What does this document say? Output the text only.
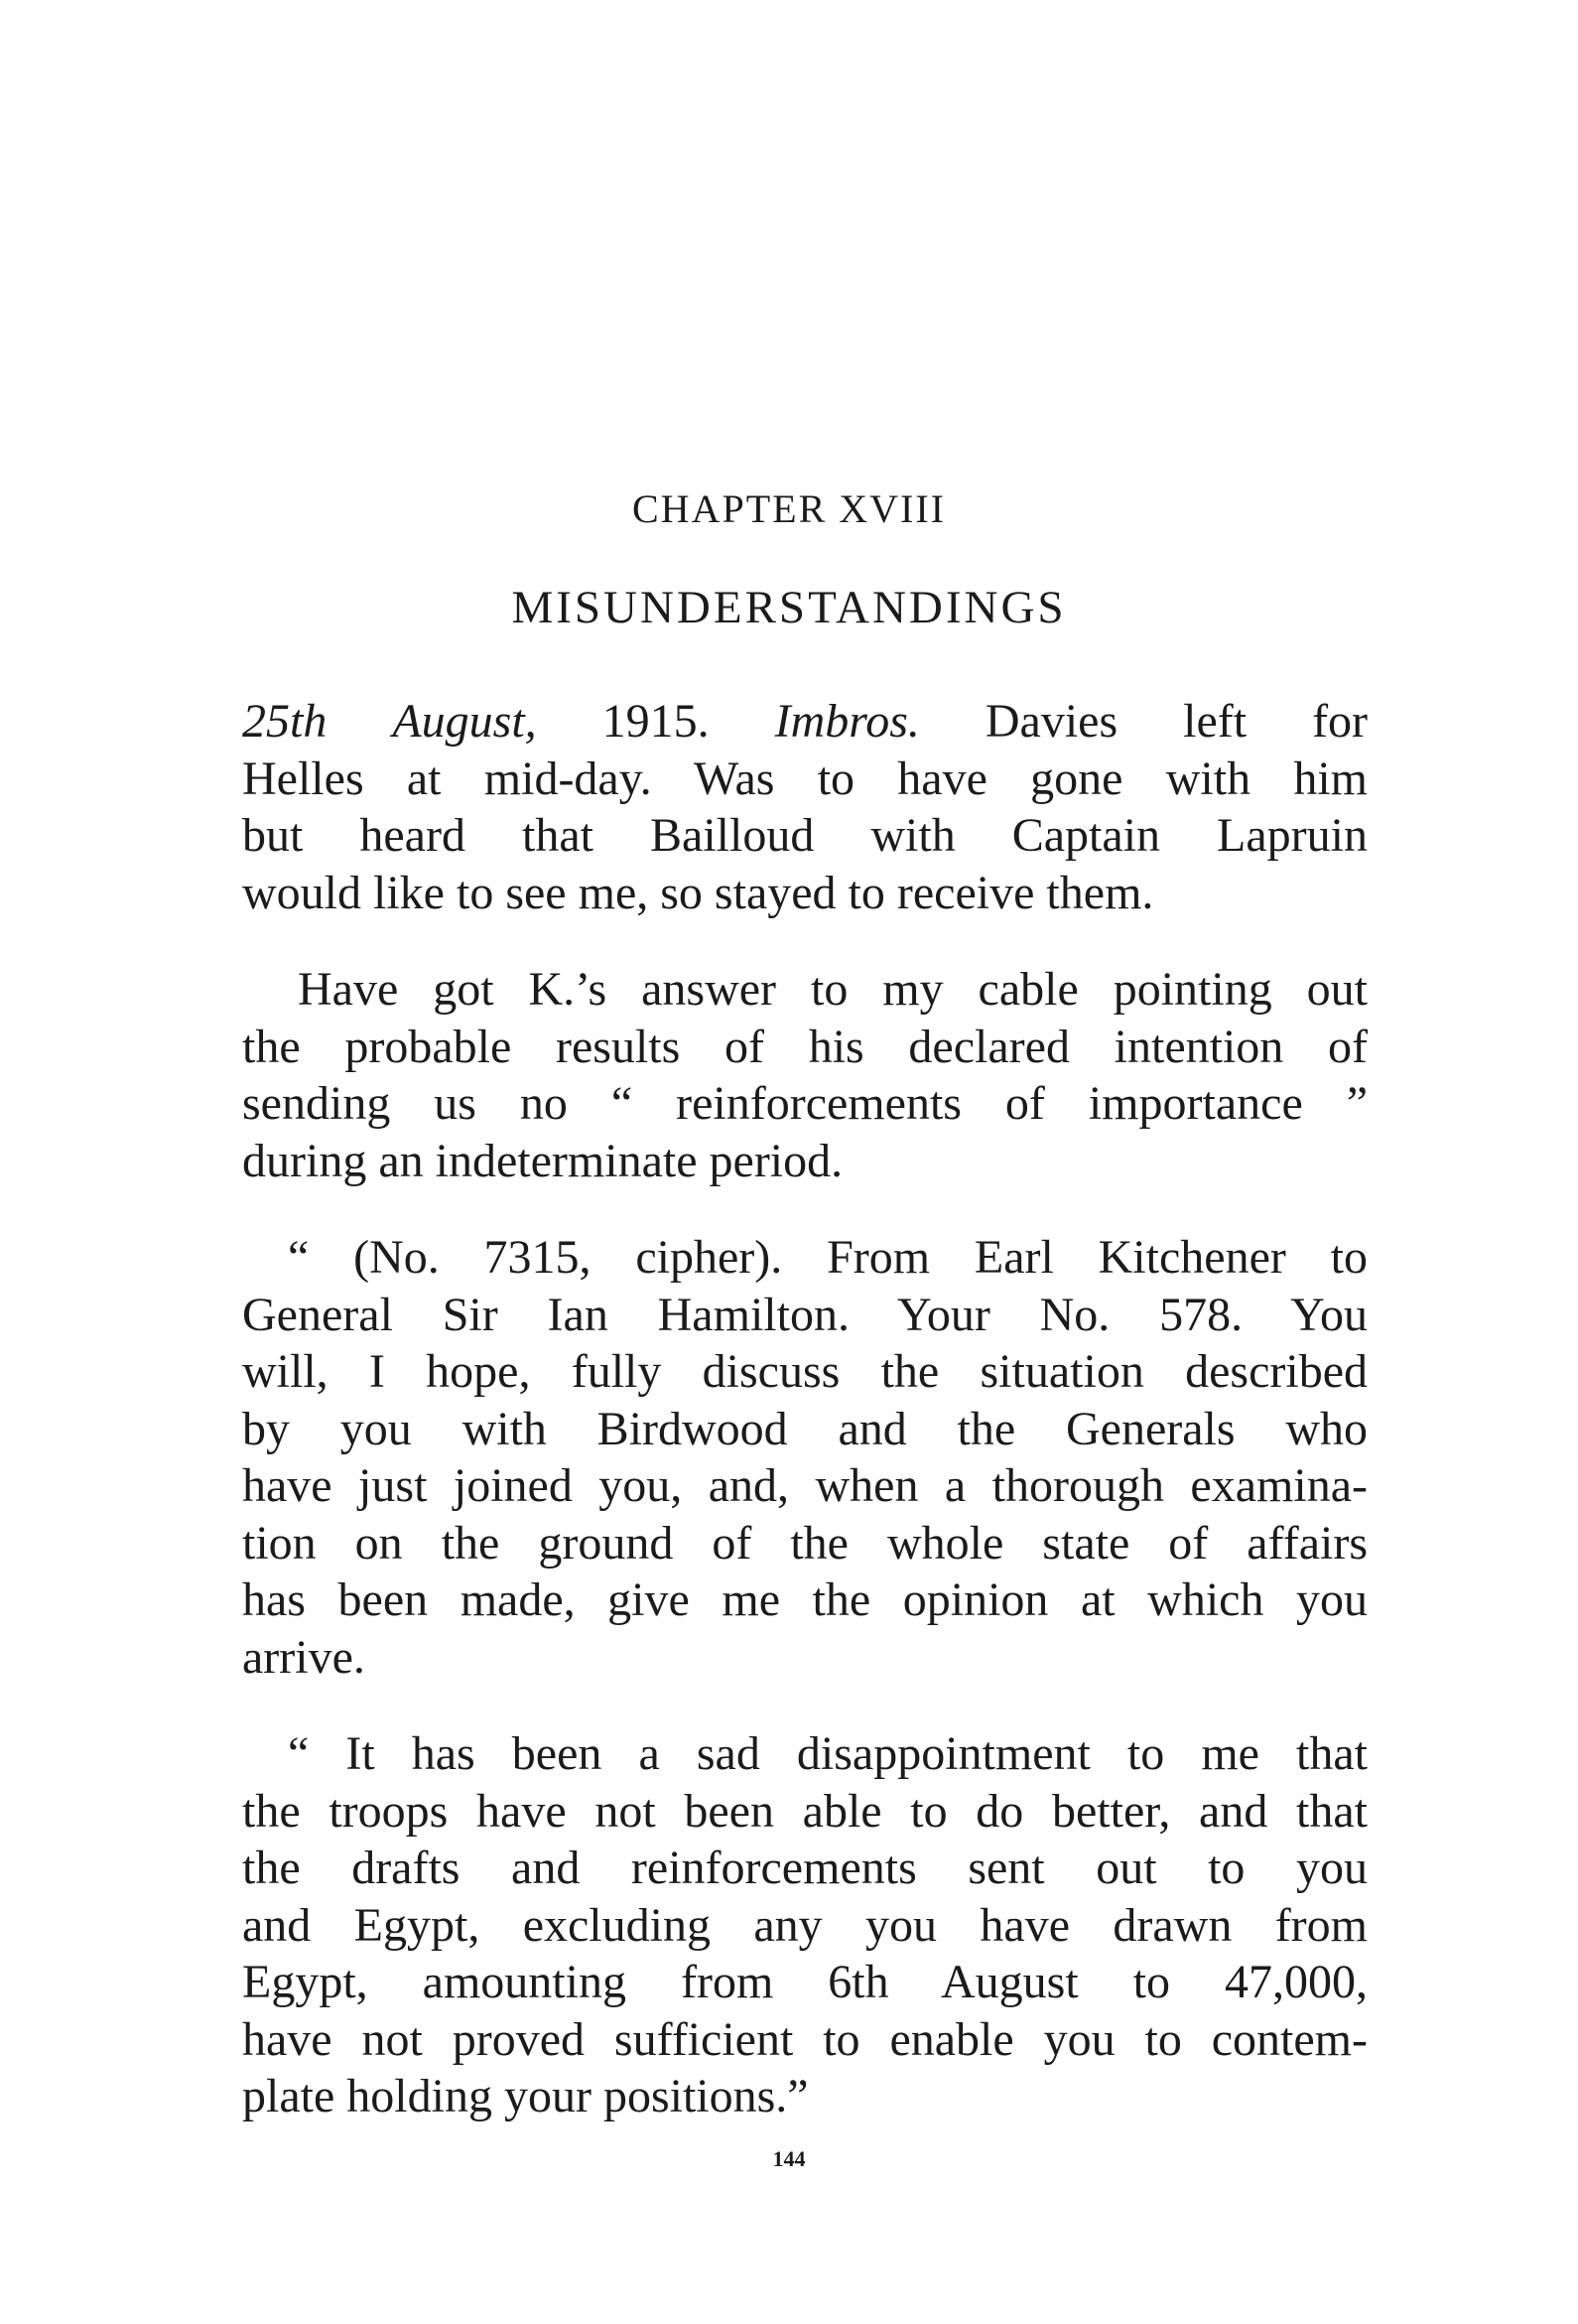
CHAPTER XVIII
MISUNDERSTANDINGS
25th August, 1915. Imbros. Davies left for
Helles at mid-day. Was to have gone with him
but heard that Bailloud with Captain Lapruin
would like to see me, so stayed to receive them.
Have got K.’s answer to my cable pointing out
the probable results of his declared intention of
sending us no “ reinforcements of importance ”
during an indeterminate period.
“ (No. 7315, cipher). From Earl Kitchener to
General Sir Ian Hamilton. Your No. 578. You
will, I hope, fully discuss the situation described
by you with Birdwood and the Generals who
have just joined you, and, when a thorough examina-
tion on the ground of the whole state of affairs
has been made, give me the opinion at which you
arrive.
“ It has been a sad disappointment to me that
the troops have not been able to do better, and that
the drafts and reinforcements sent out to you
and Egypt, excluding any you have drawn from
Egypt, amounting from 6th August to 47,000,
have not proved sufficient to enable you to contem-
plate holding your positions.”
144
